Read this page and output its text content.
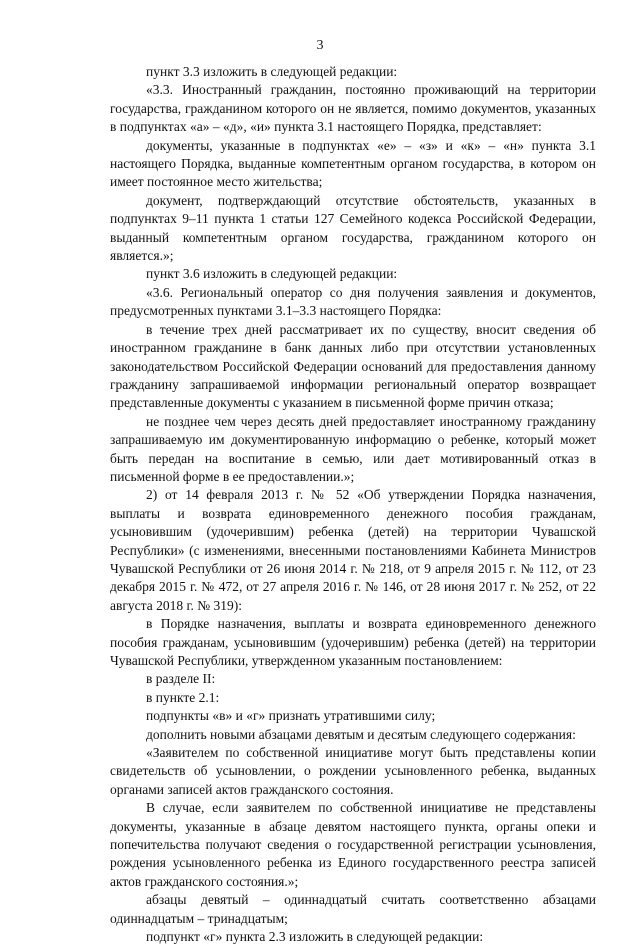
3

пункт 3.3 изложить в следующей редакции:

«3.3. Иностранный гражданин, постоянно проживающий на территории государства, гражданином которого он не является, помимо документов, указанных в подпунктах «а» – «д», «и» пункта 3.1 настоящего Порядка, представляет:

документы, указанные в подпунктах «е» – «з» и «к» – «н» пункта 3.1 настоящего Порядка, выданные компетентным органом государства, в котором он имеет постоянное место жительства;

документ, подтверждающий отсутствие обстоятельств, указанных в подпунктах 9–11 пункта 1 статьи 127 Семейного кодекса Российской Федерации, выданный компетентным органом государства, гражданином которого он является.»;

пункт 3.6 изложить в следующей редакции:

«3.6. Региональный оператор со дня получения заявления и документов, предусмотренных пунктами 3.1–3.3 настоящего Порядка:

в течение трех дней рассматривает их по существу, вносит сведения об иностранном гражданине в банк данных либо при отсутствии установленных законодательством Российской Федерации оснований для предоставления данному гражданину запрашиваемой информации региональный оператор возвращает представленные документы с указанием в письменной форме причин отказа;

не позднее чем через десять дней предоставляет иностранному гражданину запрашиваемую им документированную информацию о ребенке, который может быть передан на воспитание в семью, или дает мотивированный отказ в письменной форме в ее предоставлении.»;

2) от 14 февраля 2013 г. № 52 «Об утверждении Порядка назначения, выплаты и возврата единовременного денежного пособия гражданам, усыновившим (удочерившим) ребенка (детей) на территории Чувашской Республики» (с изменениями, внесенными постановлениями Кабинета Министров Чувашской Республики от 26 июня 2014 г. № 218, от 9 апреля 2015 г. № 112, от 23 декабря 2015 г. № 472, от 27 апреля 2016 г. № 146, от 28 июня 2017 г. № 252, от 22 августа 2018 г. № 319):

в Порядке назначения, выплаты и возврата единовременного денежного пособия гражданам, усыновившим (удочерившим) ребенка (детей) на территории Чувашской Республики, утвержденном указанным постановлением:

в разделе II:

в пункте 2.1:

подпункты «в» и «г» признать утратившими силу;

дополнить новыми абзацами девятым и десятым следующего содержания:

«Заявителем по собственной инициативе могут быть представлены копии свидетельств об усыновлении, о рождении усыновленного ребенка, выданных органами записей актов гражданского состояния.

В случае, если заявителем по собственной инициативе не представлены документы, указанные в абзаце девятом настоящего пункта, органы опеки и попечительства получают сведения о государственной регистрации усыновления, рождения усыновленного ребенка из Единого государственного реестра записей актов гражданского состояния.»;

абзацы девятый – одиннадцатый считать соответственно абзацами одиннадцатым – тринадцатым;

подпункт «г» пункта 2.3 изложить в следующей редакции:
